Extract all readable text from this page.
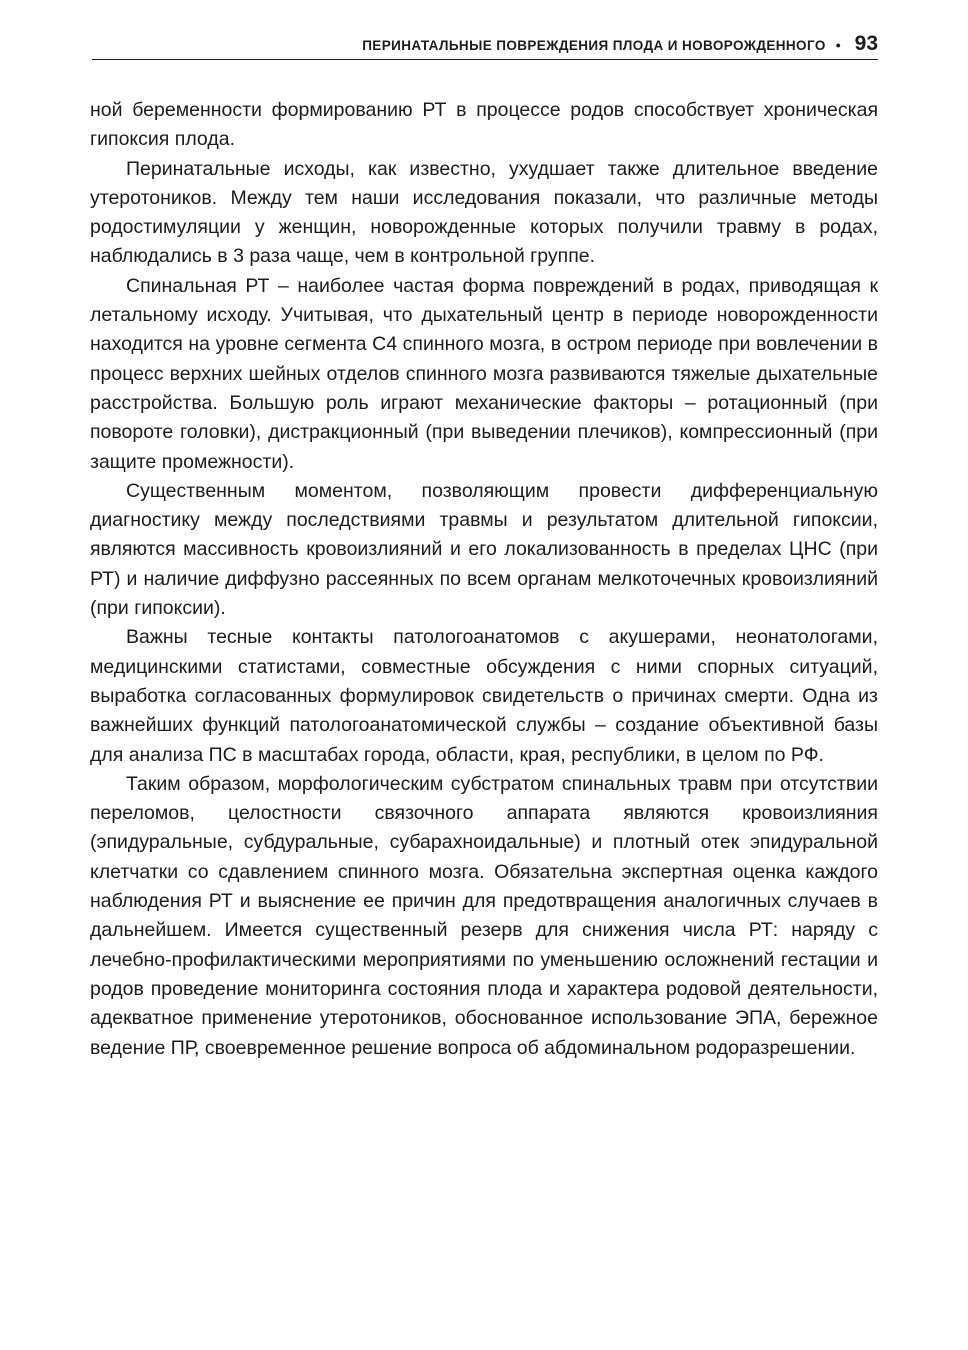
ПЕРИНАТАЛЬНЫЕ ПОВРЕЖДЕНИЯ ПЛОДА И НОВОРОЖДЕННОГО • 93

ной беременности формированию РТ в процессе родов способствует хроническая гипоксия плода.

Перинатальные исходы, как известно, ухудшает также длительное введение утеротоников. Между тем наши исследования показали, что различные методы родостимуляции у женщин, новорожденные которых получили травму в родах, наблюдались в 3 раза чаще, чем в контрольной группе.

Спинальная РТ – наиболее частая форма повреждений в родах, приводящая к летальному исходу. Учитывая, что дыхательный центр в периоде новорожденности находится на уровне сегмента С4 спинного мозга, в остром периоде при вовлечении в процесс верхних шейных отделов спинного мозга развиваются тяжелые дыхательные расстройства. Большую роль играют механические факторы – ротационный (при повороте головки), дистракционный (при выведении плечиков), компрессионный (при защите промежности).

Существенным моментом, позволяющим провести дифференциальную диагностику между последствиями травмы и результатом длительной гипоксии, являются массивность кровоизлияний и его локализованность в пределах ЦНС (при РТ) и наличие диффузно рассеянных по всем органам мелкоточечных кровоизлияний (при гипоксии).

Важны тесные контакты патологоанатомов с акушерами, неонатологами, медицинскими статистами, совместные обсуждения с ними спорных ситуаций, выработка согласованных формулировок свидетельств о причинах смерти. Одна из важнейших функций патологоанатомической службы – создание объективной базы для анализа ПС в масштабах города, области, края, республики, в целом по РФ.

Таким образом, морфологическим субстратом спинальных травм при отсутствии переломов, целостности связочного аппарата являются кровоизлияния (эпидуральные, субдуральные, субарахноидальные) и плотный отек эпидуральной клетчатки со сдавлением спинного мозга. Обязательна экспертная оценка каждого наблюдения РТ и выяснение ее причин для предотвращения аналогичных случаев в дальнейшем. Имеется существенный резерв для снижения числа РТ: наряду с лечебно-профилактическими мероприятиями по уменьшению осложнений гестации и родов проведение мониторинга состояния плода и характера родовой деятельности, адекватное применение утеротоников, обоснованное использование ЭПА, бережное ведение ПР, своевременное решение вопроса об абдоминальном родоразрешении.
